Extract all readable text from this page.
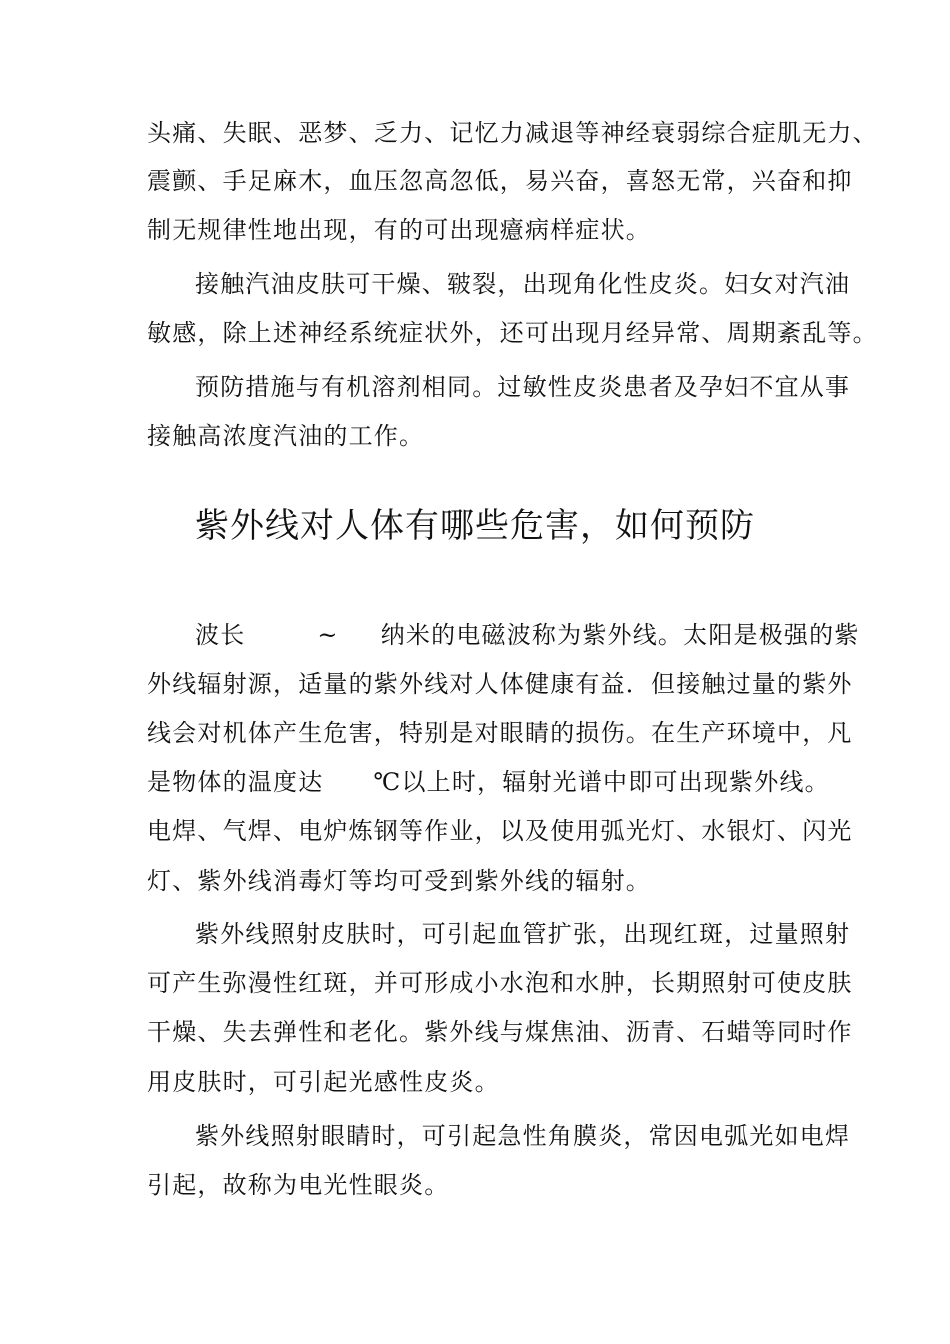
头痛、失眠、恶梦、乏力、记忆力减退等神经衰弱综合症肌无力、
震颤、手足麻木，血压忽高忽低，易兴奋，喜怒无常，兴奋和抑
制无规律性地出现，有的可出现癔病样症状。
接触汽油皮肤可干燥、皲裂，出现角化性皮炎。妇女对汽油
敏感，除上述神经系统症状外，还可出现月经异常、周期紊乱等。
预防措施与有机溶剂相同。过敏性皮炎患者及孕妇不宜从事
接触高浓度汽油的工作。
紫外线对人体有哪些危害，如何预防
波长	~ 纳米的电磁波称为紫外线。太阳是极强的紫
外线辐射源，适量的紫外线对人体健康有益．但接触过量的紫外
线会对机体产生危害，特别是对眼睛的损伤。在生产环境中，凡
是物体的温度达 ℃以上时，辐射光谱中即可出现紫外线。
电焊、气焊、电炉炼钢等作业，以及使用弧光灯、水银灯、闪光
灯、紫外线消毒灯等均可受到紫外线的辐射。
紫外线照射皮肤时，可引起血管扩张，出现红斑，过量照射
可产生弥漫性红斑，并可形成小水泡和水肿，长期照射可使皮肤
干燥、失去弹性和老化。紫外线与煤焦油、沥青、石蜡等同时作
用皮肤时，可引起光感性皮炎。
紫外线照射眼睛时，可引起急性角膜炎，常因电弧光如电焊
引起，故称为电光性眼炎。
